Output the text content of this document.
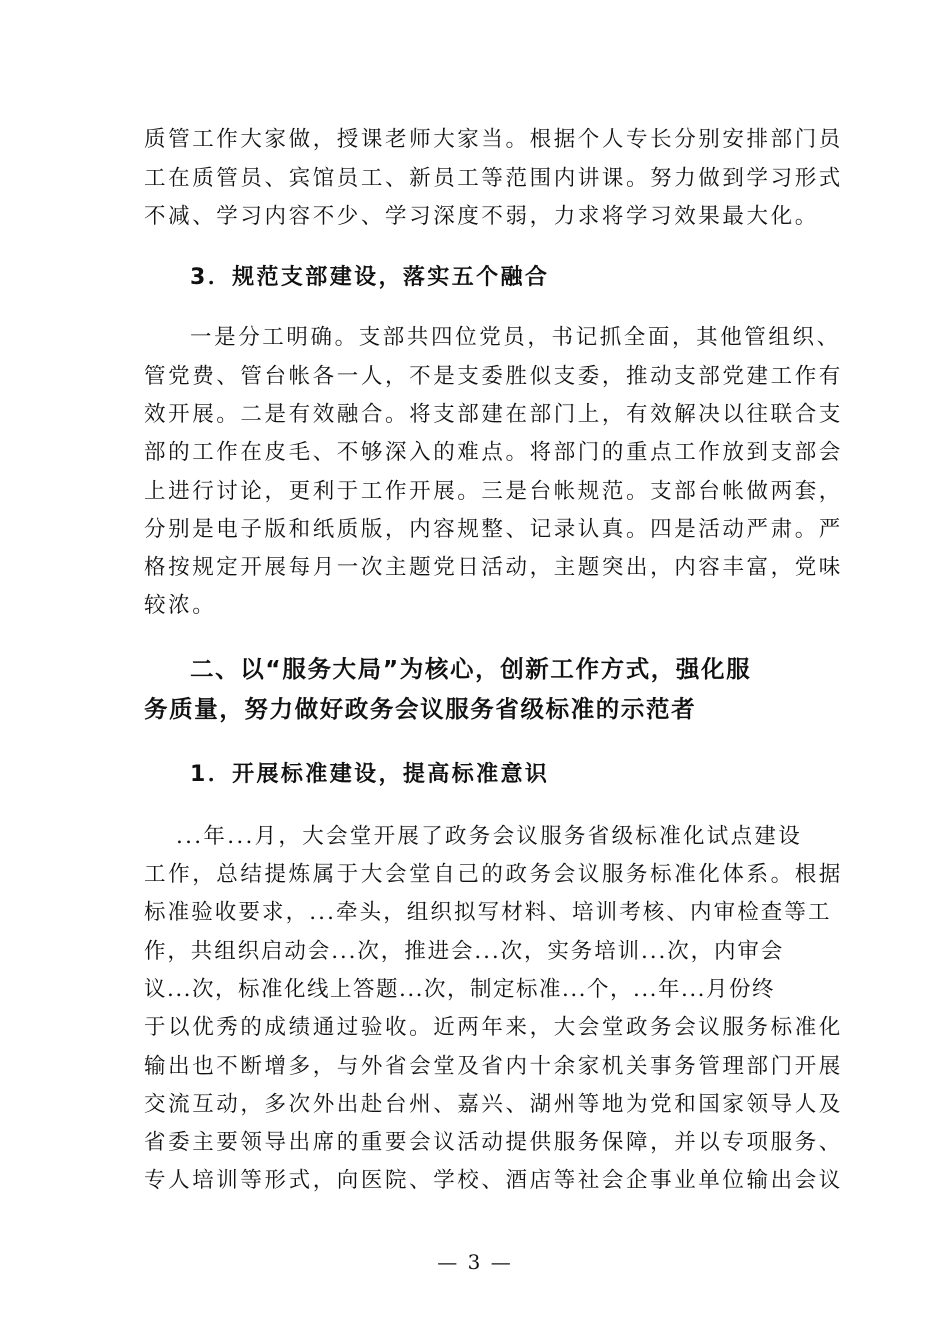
质管工作大家做，授课老师大家当。根据个人专长分别安排部门员
工在质管员、宾馆员工、新员工等范围内讲课。努力做到学习形式
不减、学习内容不少、学习深度不弱，力求将学习效果最大化。
3．规范支部建设，落实五个融合
一是分工明确。支部共四位党员，书记抓全面，其他管组织、
管党费、管台帐各一人，不是支委胜似支委，推动支部党建工作有
效开展。二是有效融合。将支部建在部门上，有效解决以往联合支
部的工作在皮毛、不够深入的难点。将部门的重点工作放到支部会
上进行讨论，更利于工作开展。三是台帐规范。支部台帐做两套，
分别是电子版和纸质版，内容规整、记录认真。四是活动严肃。严
格按规定开展每月一次主题党日活动，主题突出，内容丰富，党味
较浓。
二、以“服务大局”为核心，创新工作方式，强化服
务质量，努力做好政务会议服务省级标准的示范者
1．开展标准建设，提高标准意识
...年...月，大会堂开展了政务会议服务省级标准化试点建设
工作，总结提炼属于大会堂自己的政务会议服务标准化体系。根据
标准验收要求，...牵头，组织拟写材料、培训考核、内审检查等工
作，共组织启动会...次，推进会...次，实务培训...次，内审会
议...次，标准化线上答题...次，制定标准...个，...年...月份终
于以优秀的成绩通过验收。近两年来，大会堂政务会议服务标准化
输出也不断增多，与外省会堂及省内十余家机关事务管理部门开展
交流互动，多次外出赴台州、嘉兴、湖州等地为党和国家领导人及
省委主要领导出席的重要会议活动提供服务保障，并以专项服务、
专人培训等形式，向医院、学校、酒店等社会企事业单位输出会议
— 3 —
